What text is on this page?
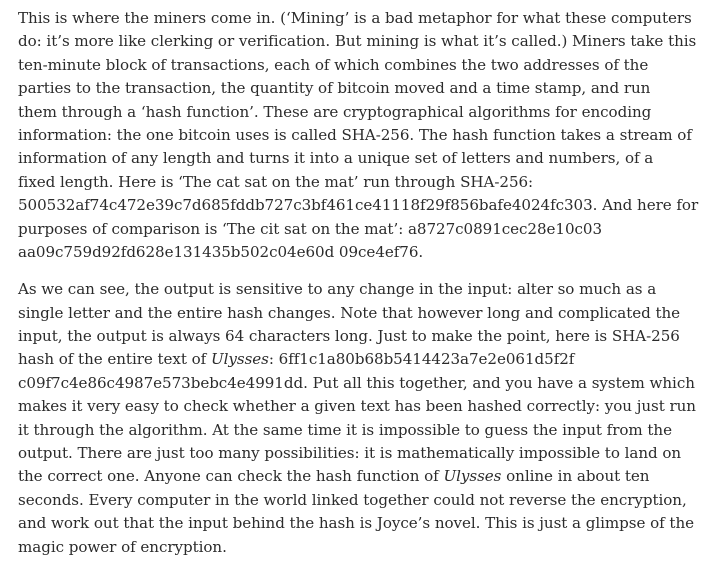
This is where the miners come in. (‘Mining’ is a bad metaphor for what these computers
do: it’s more like clerking or verification. But mining is what it’s called.) Miners take this
ten-minute block of transactions, each of which combines the two addresses of the
parties to the transaction, the quantity of bitcoin moved and a time stamp, and run
them through a ‘hash function’. These are cryptographical algorithms for encoding
information: the one bitcoin uses is called SHA-256. The hash function takes a stream of
information of any length and turns it into a unique set of letters and numbers, of a
fixed length. Here is ‘The cat sat on the mat’ run through SHA-256:
500532af74c472e39c7d685fddb727c3bf461ce41118f29f856bafe4024fc303. And here for
purposes of comparison is ‘The cit sat on the mat’: a8727c0891cec28e10c03
aa09c759d92fd628e131435b502c04e60d 09ce4ef76.
As we can see, the output is sensitive to any change in the input: alter so much as a
single letter and the entire hash changes. Note that however long and complicated the
input, the output is always 64 characters long. Just to make the point, here is SHA-256
hash of the entire text of Ulysses: 6ff1c1a80b68b5414423a7e2e061d5f2f
c09f7c4e86c4987e573bebc4e4991dd. Put all this together, and you have a system which
makes it very easy to check whether a given text has been hashed correctly: you just run
it through the algorithm. At the same time it is impossible to guess the input from the
output. There are just too many possibilities: it is mathematically impossible to land on
the correct one. Anyone can check the hash function of Ulysses online in about ten
seconds. Every computer in the world linked together could not reverse the encryption,
and work out that the input behind the hash is Joyce’s novel. This is just a glimpse of the
magic power of encryption.
